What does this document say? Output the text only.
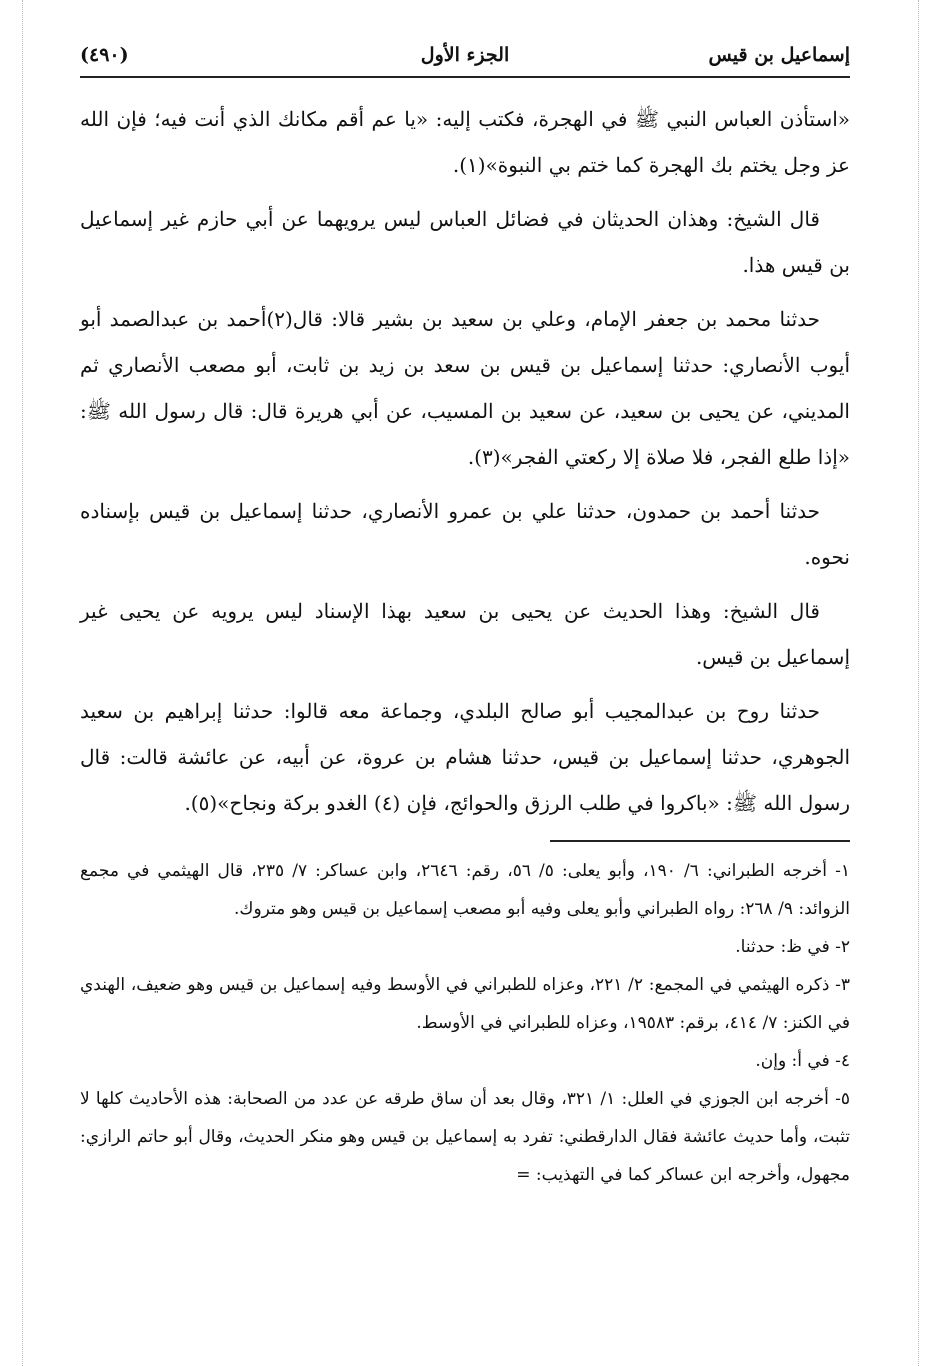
إسماعيل بن قيس
الجزء الأول
(٤٩٠)

«استأذن العباس النبي ﷺ في الهجرة، فكتب إليه: «يا عم أقم مكانك الذي أنت فيه؛ فإن الله عز وجل يختم بك الهجرة كما ختم بي النبوة»(١).

قال الشيخ: وهذان الحديثان في فضائل العباس ليس يرويهما عن أبي حازم غير إسماعيل بن قيس هذا.

حدثنا محمد بن جعفر الإمام، وعلي بن سعيد بن بشير قالا: قال(٢)أحمد بن عبدالصمد أبو أيوب الأنصاري: حدثنا إسماعيل بن قيس بن سعد بن زيد بن ثابت، أبو مصعب الأنصاري ثم المديني، عن يحيى بن سعيد، عن سعيد بن المسيب، عن أبي هريرة قال: قال رسول الله ﷺ: «إذا طلع الفجر، فلا صلاة إلا ركعتي الفجر»(٣).

حدثنا أحمد بن حمدون، حدثنا علي بن عمرو الأنصاري، حدثنا إسماعيل بن قيس بإسناده نحوه.

قال الشيخ: وهذا الحديث عن يحيى بن سعيد بهذا الإسناد ليس يرويه عن يحيى غير إسماعيل بن قيس.

حدثنا روح بن عبدالمجيب أبو صالح البلدي، وجماعة معه قالوا: حدثنا إبراهيم بن سعيد الجوهري، حدثنا إسماعيل بن قيس، حدثنا هشام بن عروة، عن أبيه، عن عائشة قالت: قال رسول الله ﷺ: «باكروا في طلب الرزق والحوائج، فإن (٤) الغدو بركة ونجاح»(٥).

١- أخرجه الطبراني: ٦/ ١٩٠، وأبو يعلى: ٥/ ٥٦، رقم: ٢٦٤٦، وابن عساكر: ٧/ ٢٣٥، قال الهيثمي في مجمع الزوائد: ٩/ ٢٦٨: رواه الطبراني وأبو يعلى وفيه أبو مصعب إسماعيل بن قيس وهو متروك.

٢- في ظ: حدثنا.

٣- ذكره الهيثمي في المجمع: ٢/ ٢٢١، وعزاه للطبراني في الأوسط وفيه إسماعيل بن قيس وهو ضعيف، الهندي في الكنز: ٧/ ٤١٤، برقم: ١٩٥٨٣، وعزاه للطبراني في الأوسط.

٤- في أ: وإن.

٥- أخرجه ابن الجوزي في العلل: ١/ ٣٢١، وقال بعد أن ساق طرقه عن عدد من الصحابة: هذه الأحاديث كلها لا تثبت، وأما حديث عائشة فقال الدارقطني: تفرد به إسماعيل بن قيس وهو منكر الحديث، وقال أبو حاتم الرازي: مجهول، وأخرجه ابن عساكر كما في التهذيب: =
